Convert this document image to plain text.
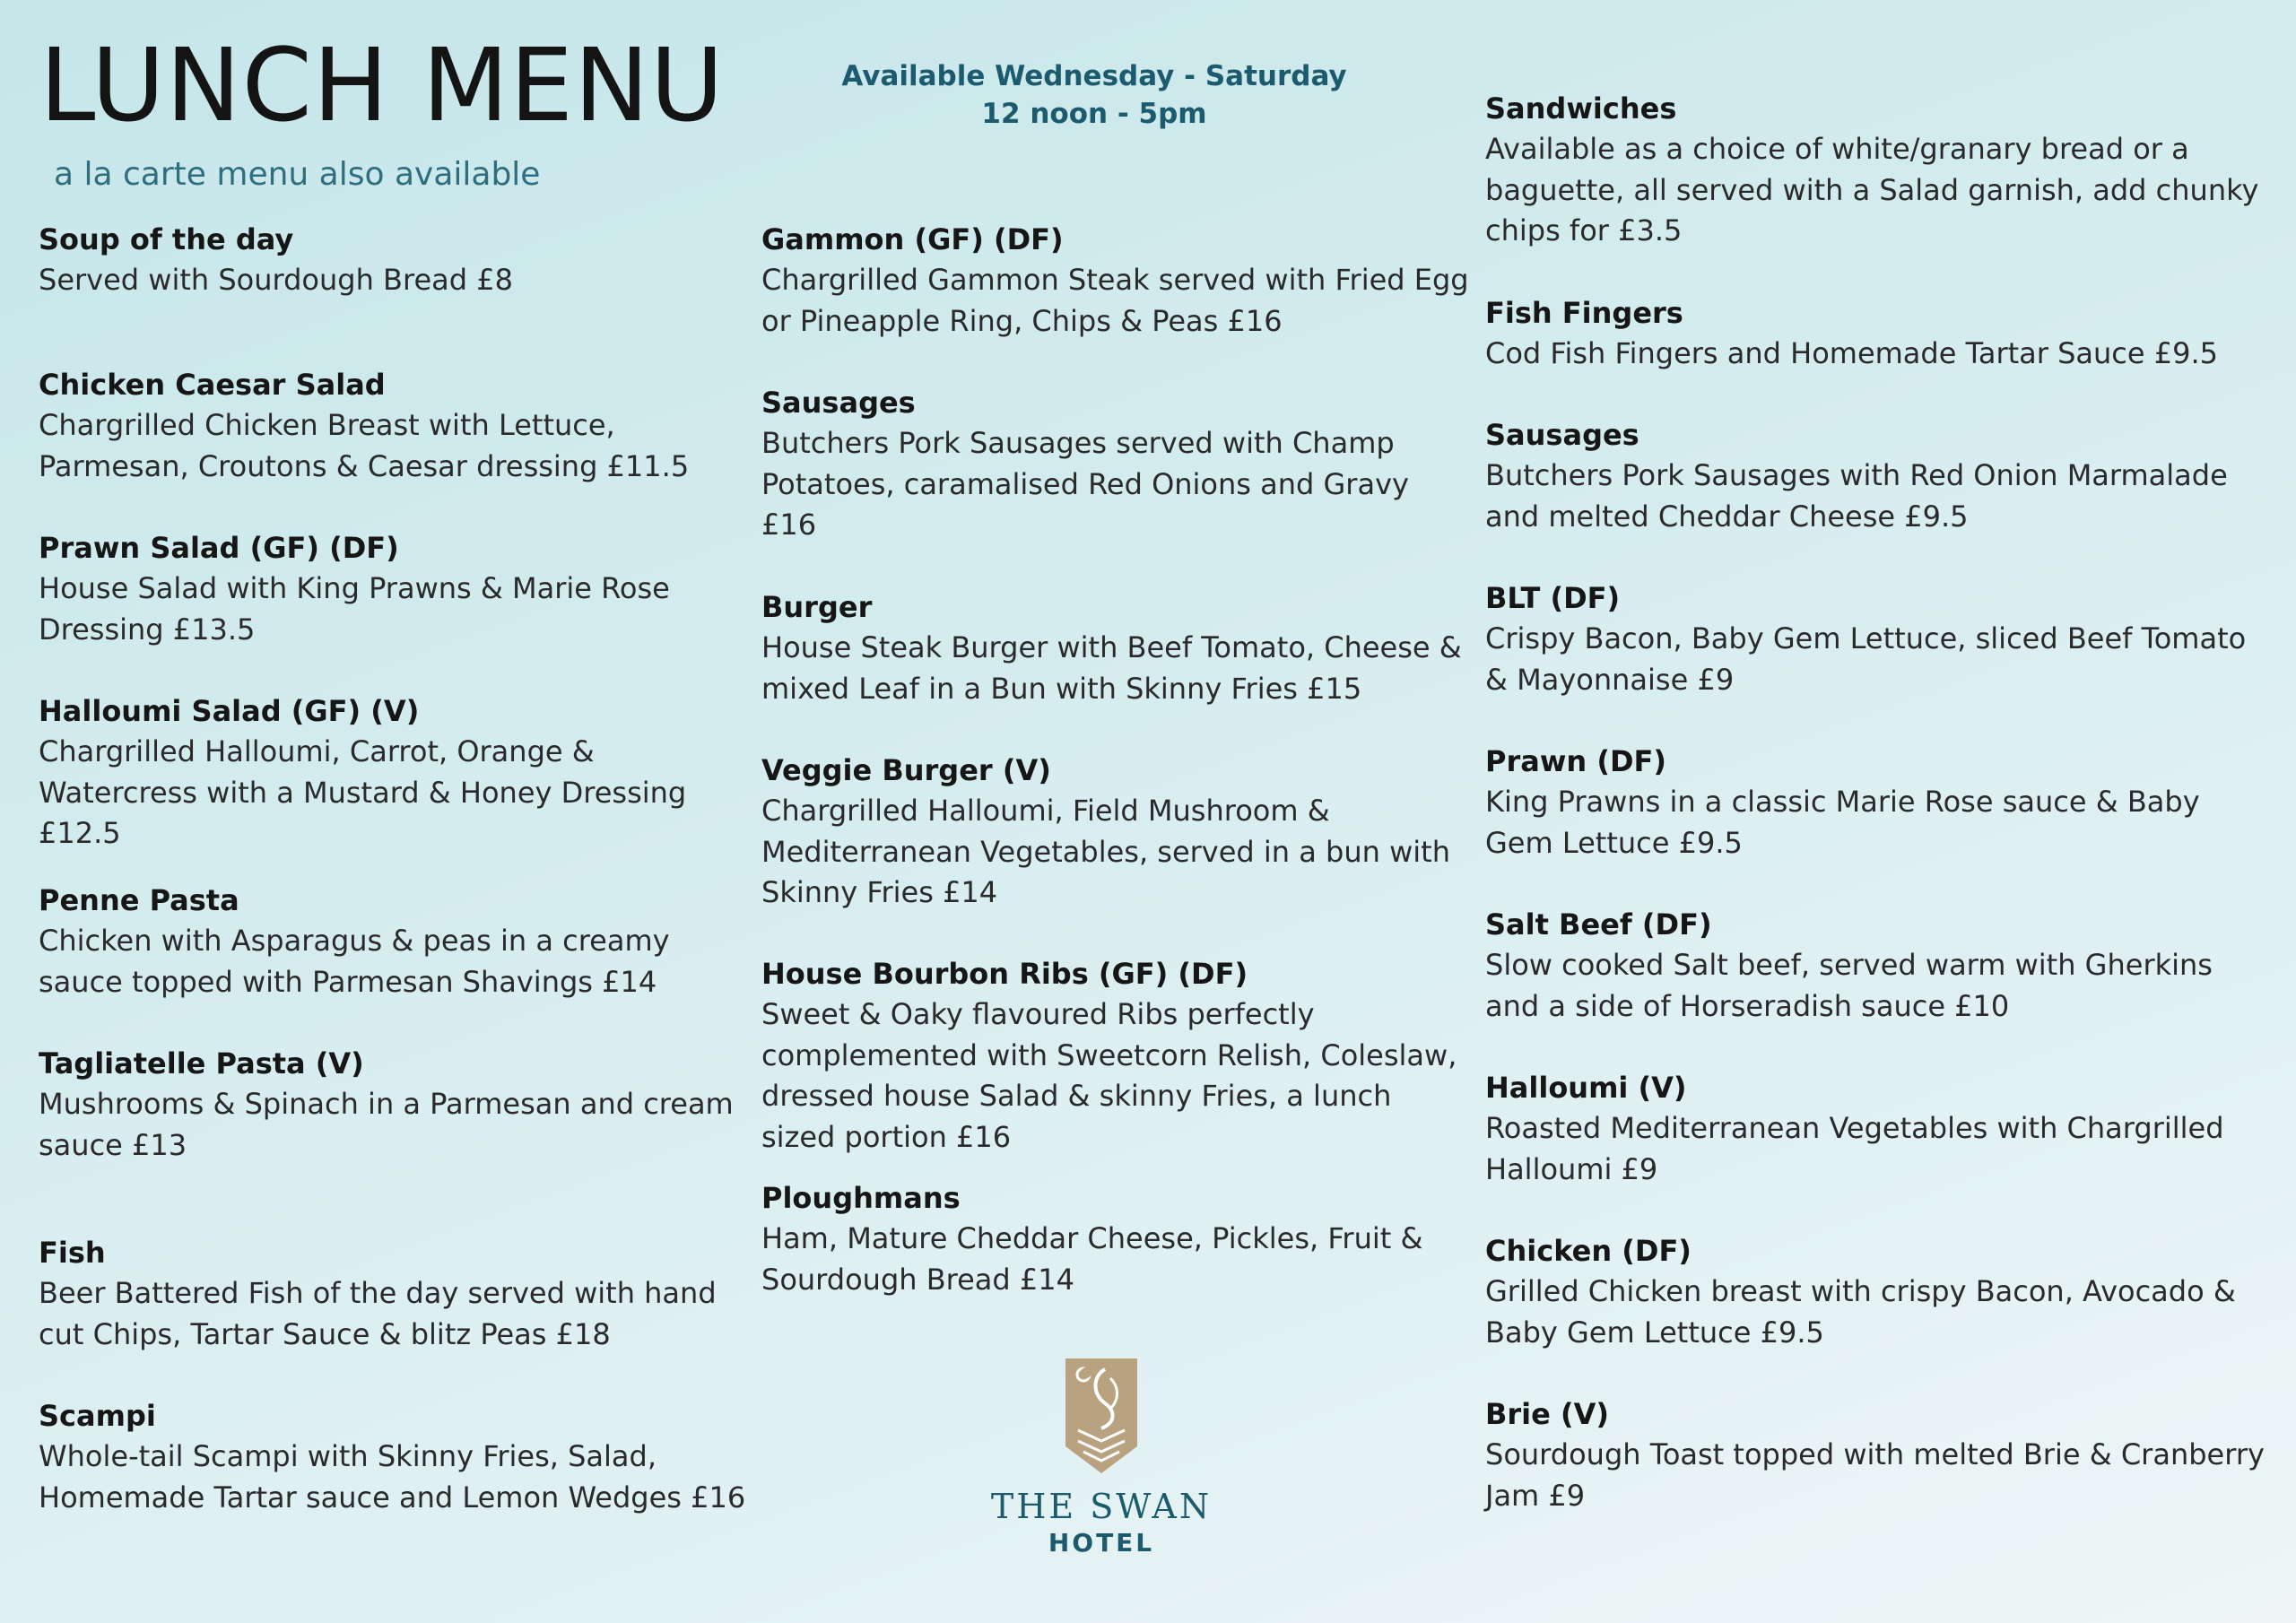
LUNCH MENU
a la carte menu also available
Available Wednesday - Saturday
12 noon - 5pm
Soup of the day
Served with Sourdough Bread £8
Chicken Caesar Salad
Chargrilled Chicken Breast with Lettuce, Parmesan, Croutons & Caesar dressing £11.5
Prawn Salad (GF) (DF)
House Salad with King Prawns & Marie Rose Dressing £13.5
Halloumi Salad (GF) (V)
Chargrilled Halloumi, Carrot, Orange & Watercress with a Mustard & Honey Dressing £12.5
Penne Pasta
Chicken with Asparagus & peas in a creamy sauce topped with Parmesan Shavings £14
Tagliatelle Pasta (V)
Mushrooms & Spinach in a Parmesan and cream sauce £13
Fish
Beer Battered Fish of the day served with hand cut Chips, Tartar Sauce & blitz Peas £18
Scampi
Whole-tail Scampi with Skinny Fries, Salad, Homemade Tartar sauce and Lemon Wedges £16
Gammon (GF) (DF)
Chargrilled Gammon Steak served with Fried Egg or Pineapple Ring, Chips & Peas £16
Sausages
Butchers Pork Sausages served with Champ Potatoes, caramalised Red Onions and Gravy £16
Burger
House Steak Burger with Beef Tomato, Cheese & mixed Leaf in a Bun with Skinny Fries £15
Veggie Burger (V)
Chargrilled Halloumi, Field Mushroom & Mediterranean Vegetables, served in a bun with Skinny Fries £14
House Bourbon Ribs (GF) (DF)
Sweet & Oaky flavoured Ribs perfectly complemented with Sweetcorn Relish, Coleslaw, dressed house Salad & skinny Fries, a lunch sized portion £16
Ploughmans
Ham, Mature Cheddar Cheese, Pickles, Fruit & Sourdough Bread £14
Sandwiches
Available as a choice of white/granary bread or a baguette, all served with a Salad garnish, add chunky chips for £3.5
Fish Fingers
Cod Fish Fingers and Homemade Tartar Sauce £9.5
Sausages
Butchers Pork Sausages with Red Onion Marmalade and melted Cheddar Cheese £9.5
BLT (DF)
Crispy Bacon, Baby Gem Lettuce, sliced Beef Tomato & Mayonnaise £9
Prawn (DF)
King Prawns in a classic Marie Rose sauce & Baby Gem Lettuce £9.5
Salt Beef (DF)
Slow cooked Salt beef, served warm with Gherkins and a side of Horseradish sauce £10
Halloumi (V)
Roasted Mediterranean Vegetables with Chargrilled Halloumi £9
Chicken (DF)
Grilled Chicken breast with crispy Bacon, Avocado & Baby Gem Lettuce £9.5
Brie (V)
Sourdough Toast topped with melted Brie & Cranberry Jam £9
THE SWAN
HOTEL
